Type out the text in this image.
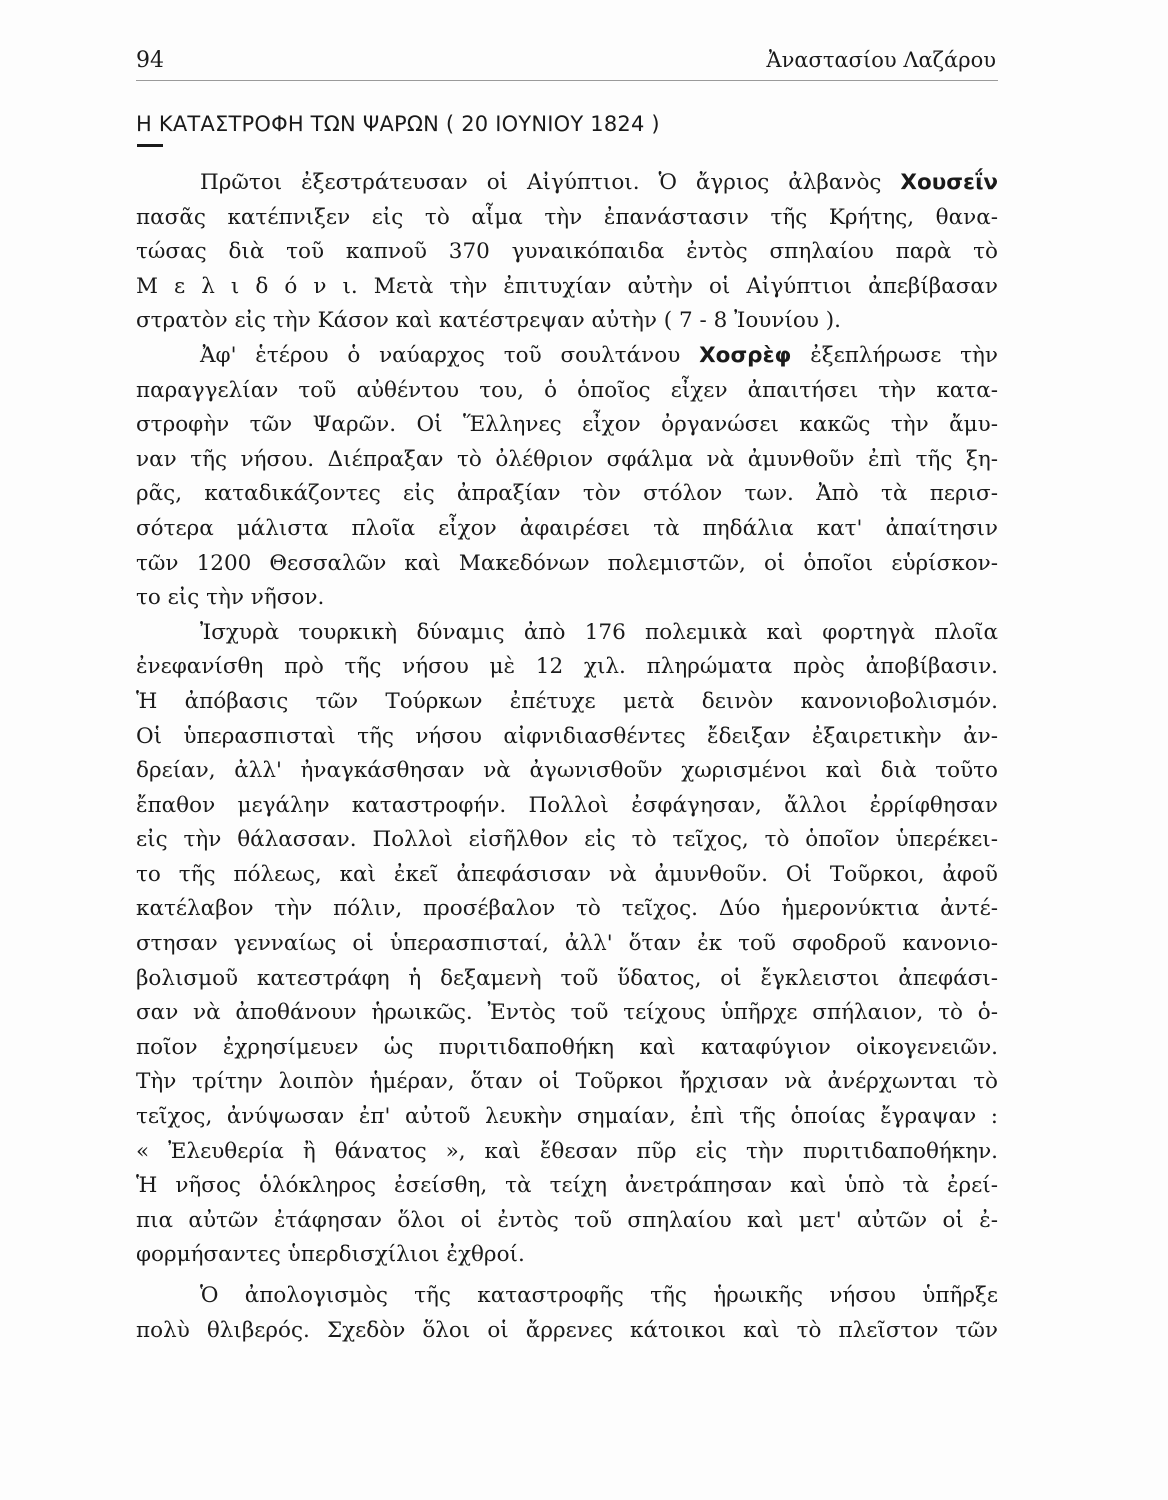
94	Ἀναστασίου Λαζάρου
Η ΚΑΤΑΣΤΡΟΦΗ ΤΩΝ ΨΑΡΩΝ ( 20 ΙΟΥΝΙΟΥ 1824 )
Πρῶτοι ἐξεστράτευσαν οἱ Αἰγύπτιοι. Ὁ ἄγριος ἀλβανὸς Χουσεΐν
πασᾶς κατέπνιξεν εἰς τὸ αἷμα τὴν ἐπανάστασιν τῆς Κρήτης, θανα-
τώσας διὰ τοῦ καπνοῦ 370 γυναικόπαιδα ἐντὸς σπηλαίου παρὰ τὸ
Μ ε λ ι δ ό ν ι. Μετὰ τὴν ἐπιτυχίαν αὐτὴν οἱ Αἰγύπτιοι ἀπεβίβασαν
στρατὸν εἰς τὴν Κάσον καὶ κατέστρεψαν αὐτὴν ( 7 - 8 Ἰουνίου ).
Ἀφ' ἑτέρου ὁ ναύαρχος τοῦ σουλτάνου Χοσρὲφ ἐξεπλήρωσε τὴν
παραγγελίαν τοῦ αὐθέντου του, ὁ ὁποῖος εἶχεν ἀπαιτήσει τὴν κατα-
στροφὴν τῶν Ψαρῶν. Οἱ Ἕλληνες εἶχον ὀργανώσει κακῶς τὴν ἄμυ-
ναν τῆς νήσου. Διέπραξαν τὸ ὀλέθριον σφάλμα νὰ ἀμυνθοῦν ἐπὶ τῆς ξη-
ρᾶς, καταδικάζοντες εἰς ἀπραξίαν τὸν στόλον των. Ἀπὸ τὰ περισ-
σότερα μάλιστα πλοῖα εἶχον ἀφαιρέσει τὰ πηδάλια κατ' ἀπαίτησιν
τῶν 1200 Θεσσαλῶν καὶ Μακεδόνων πολεμιστῶν, οἱ ὁποῖοι εὑρίσκον-
το εἰς τὴν νῆσον.
Ἰσχυρὰ τουρκικὴ δύναμις ἀπὸ 176 πολεμικὰ καὶ φορτηγὰ πλοῖα
ἐνεφανίσθη πρὸ τῆς νήσου μὲ 12 χιλ. πληρώματα πρὸς ἀποβίβασιν.
Ἡ ἀπόβασις τῶν Τούρκων ἐπέτυχε μετὰ δεινὸν κανονιοβολισμόν.
Οἱ ὑπερασπισταὶ τῆς νήσου αἰφνιδιασθέντες ἔδειξαν ἐξαιρετικὴν ἀν-
δρείαν, ἀλλ' ἠναγκάσθησαν νὰ ἀγωνισθοῦν χωρισμένοι καὶ διὰ τοῦτο
ἔπαθον μεγάλην καταστροφήν. Πολλοὶ ἐσφάγησαν, ἄλλοι ἐρρίφθησαν
εἰς τὴν θάλασσαν. Πολλοὶ εἰσῆλθον εἰς τὸ τεῖχος, τὸ ὁποῖον ὑπερέκει-
το τῆς πόλεως, καὶ ἐκεῖ ἀπεφάσισαν νὰ ἀμυνθοῦν. Οἱ Τοῦρκοι, ἀφοῦ
κατέλαβον τὴν πόλιν, προσέβαλον τὸ τεῖχος. Δύο ἡμερονύκτια ἀντέ-
στησαν γενναίως οἱ ὑπερασπισταί, ἀλλ' ὅταν ἐκ τοῦ σφοδροῦ κανονιο-
βολισμοῦ κατεστράφη ἡ δεξαμενὴ τοῦ ὕδατος, οἱ ἔγκλειστοι ἀπεφάσι-
σαν νὰ ἀποθάνουν ἡρωικῶς. Ἐντὸς τοῦ τείχους ὑπῆρχε σπήλαιον, τὸ ὁ-
ποῖον ἐχρησίμευεν ὡς πυριτιδαποθήκη καὶ καταφύγιον οἰκογενειῶν.
Τὴν τρίτην λοιπὸν ἡμέραν, ὅταν οἱ Τοῦρκοι ἤρχισαν νὰ ἀνέρχωνται τὸ
τεῖχος, ἀνύψωσαν ἐπ' αὐτοῦ λευκὴν σημαίαν, ἐπὶ τῆς ὁποίας ἔγραψαν :
« Ἐλευθερία ἢ θάνατος », καὶ ἔθεσαν πῦρ εἰς τὴν πυριτιδαποθήκην.
Ἡ νῆσος ὁλόκληρος ἐσείσθη, τὰ τείχη ἀνετράπησαν καὶ ὑπὸ τὰ ἐρεί-
πια αὐτῶν ἐτάφησαν ὅλοι οἱ ἐντὸς τοῦ σπηλαίου καὶ μετ' αὐτῶν οἱ ἐ-
φορμήσαντες ὑπερδισχίλιοι ἐχθροί.
Ὁ ἀπολογισμὸς τῆς καταστροφῆς τῆς ἡρωικῆς νήσου ὑπῆρξε
πολὺ θλιβερός. Σχεδὸν ὅλοι οἱ ἄρρενες κάτοικοι καὶ τὸ πλεῖστον τῶν
